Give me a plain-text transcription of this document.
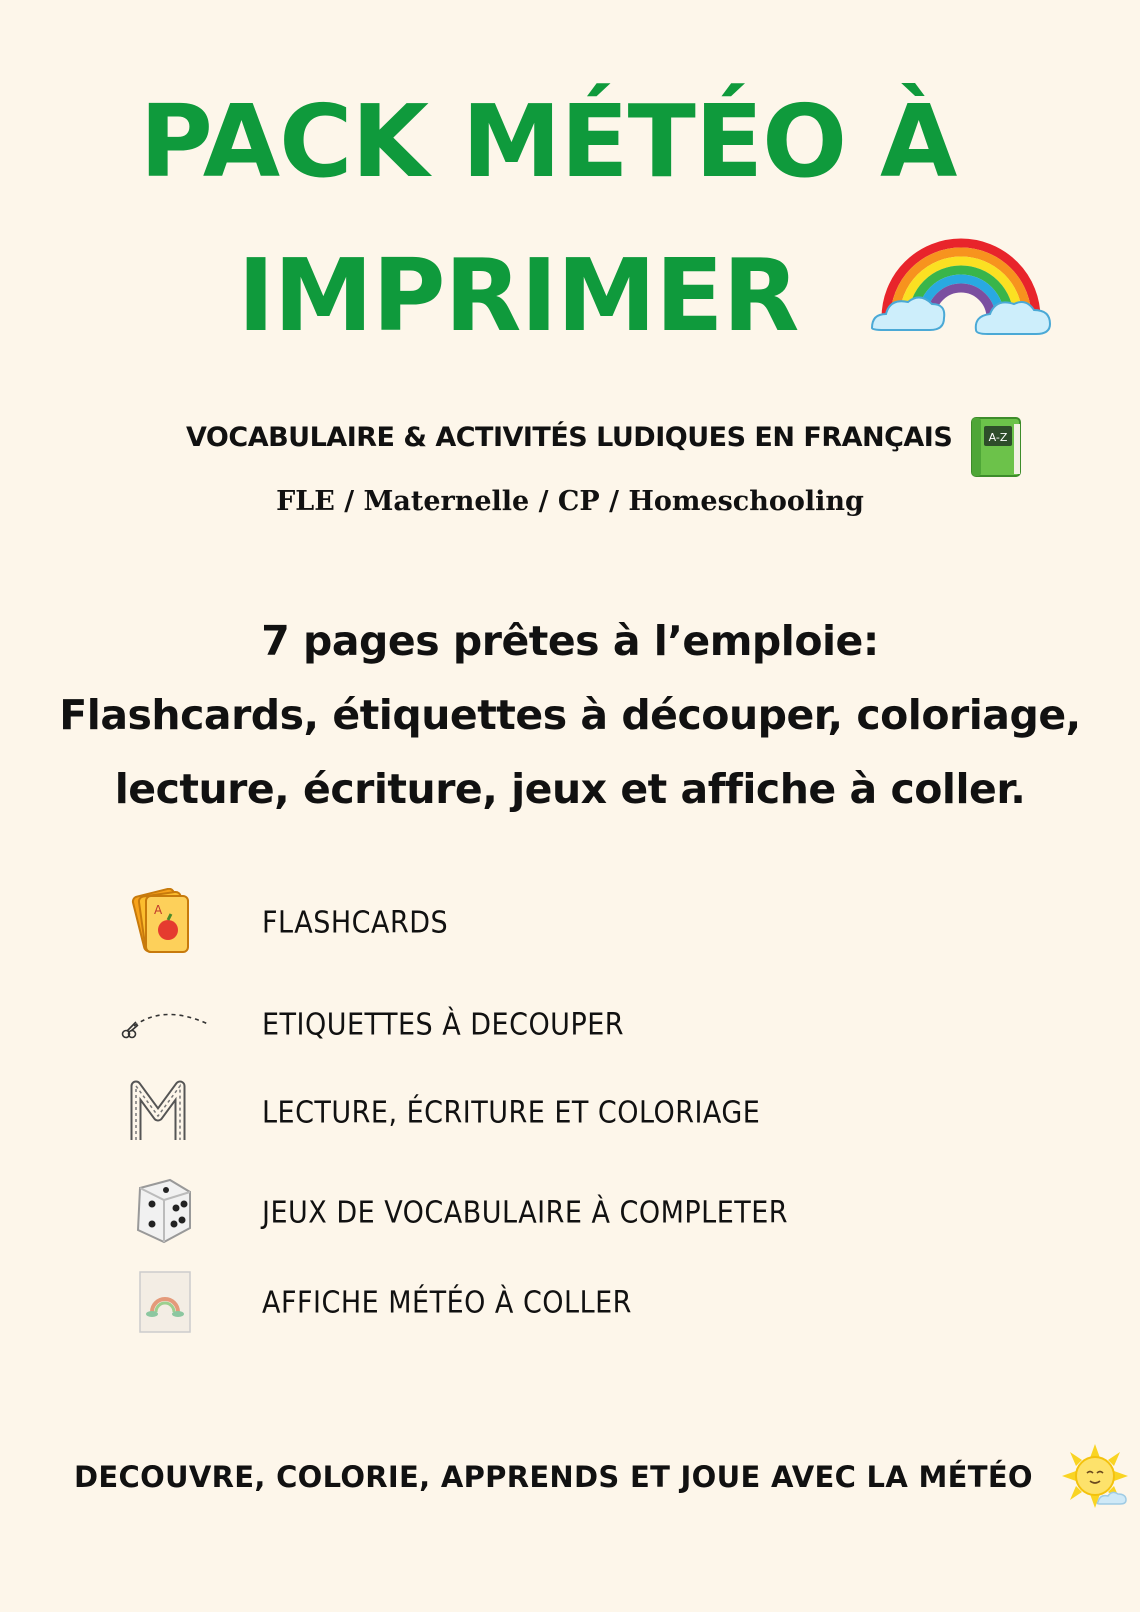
PACK MÉTÉO À
IMPRIMER
VOCABULAIRE & ACTIVITÉS LUDIQUES EN FRANÇAIS	A-Z
FLE / Maternelle / CP / Homeschooling
7 pages prêtes à l’emploie:
Flashcards, étiquettes à découper, coloriage,
lecture, écriture, jeux et affiche à coller.
A	FLASHCARDS
ETIQUETTES À DECOUPER
LECTURE, ÉCRITURE ET COLORIAGE
JEUX DE VOCABULAIRE À COMPLETER
AFFICHE MÉTÉO À COLLER
DECOUVRE, COLORIE, APPRENDS ET JOUE AVEC LA MÉTÉO
